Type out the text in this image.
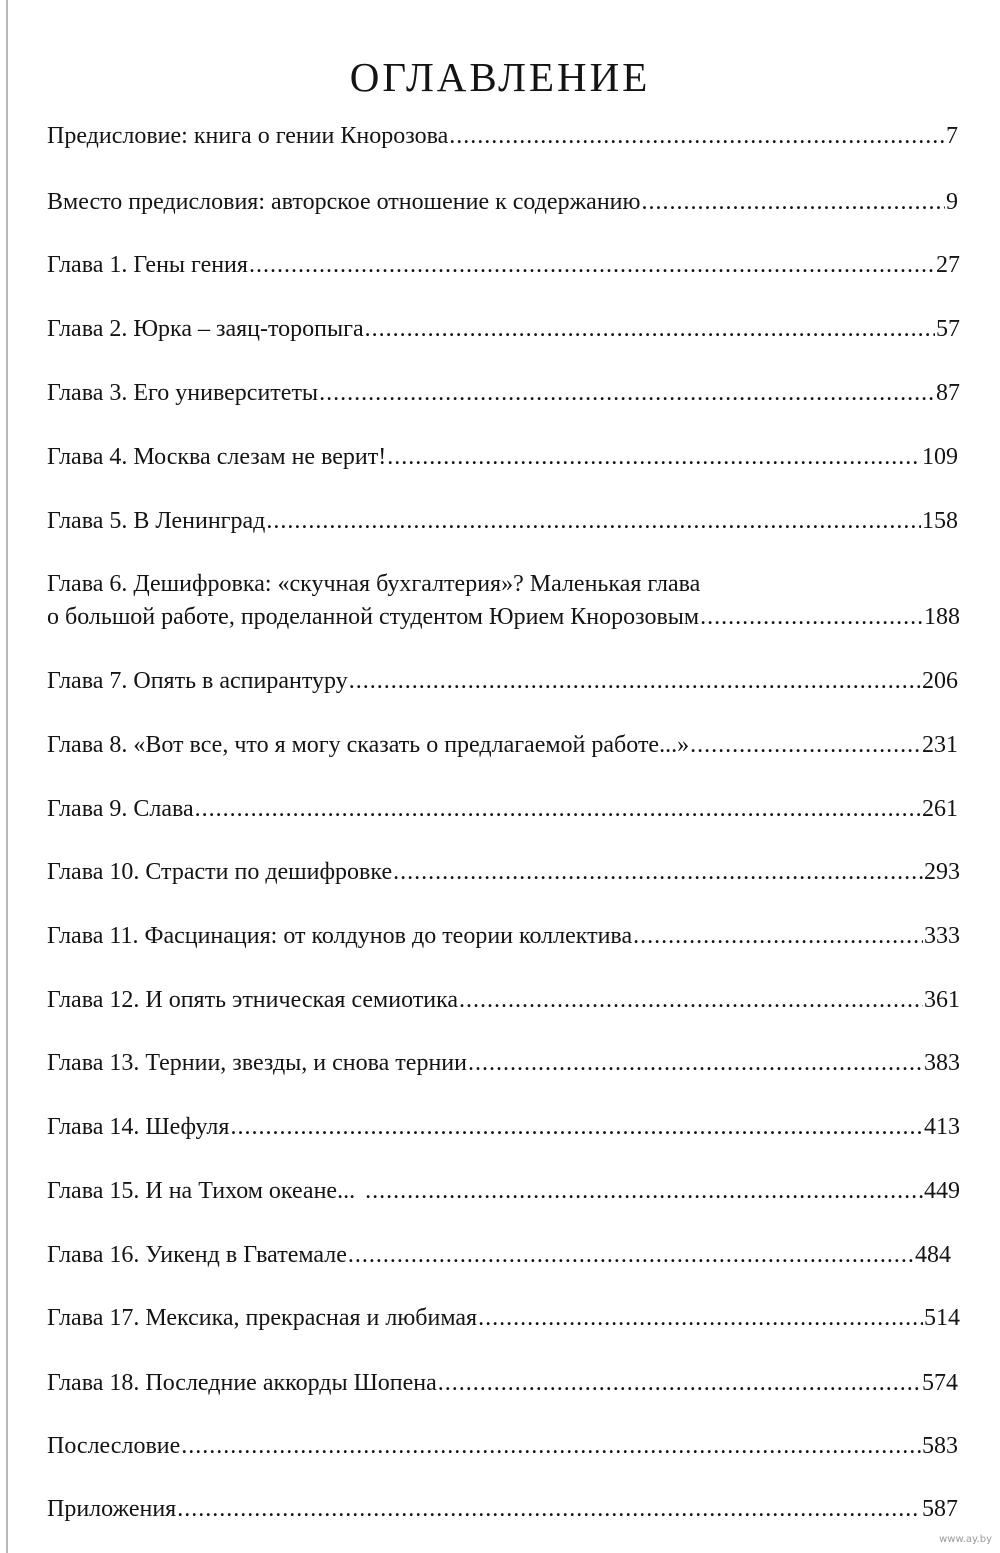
ОГЛАВЛЕНИЕ
Предисловие: книга о гении Кнорозова .....	7
Вместо предисловия: авторское отношение к содержанию .....	9
Глава 1. Гены гения .....	27
Глава 2. Юрка – заяц-торопыга .....	57
Глава 3. Его университеты .....	87
Глава 4. Москва слезам не верит! .....	109
Глава 5. В Ленинград .....	158
Глава 6. Дешифровка: «скучная бухгалтерия»? Маленькая глава
о большой работе, проделанной студентом Юрием Кнорозовым .....	188
Глава 7. Опять в аспирантуру .....	206
Глава 8. «Вот все, что я могу сказать о предлагаемой работе...» .....	231
Глава 9. Слава .....	261
Глава 10. Страсти по дешифровке .....	293
Глава 11. Фасцинация: от колдунов до теории коллектива .....	333
Глава 12. И опять этническая семиотика .....	361
Глава 13. Тернии, звезды, и снова тернии .....	383
Глава 14. Шефуля .....	413
Глава 15. И на Тихом океане... .....	449
Глава 16. Уикенд в Гватемале .....	484
Глава 17. Мексика, прекрасная и любимая .....	514
Глава 18. Последние аккорды Шопена .....	574
Послесловие .....	583
Приложения .....	587
www.ay.by
